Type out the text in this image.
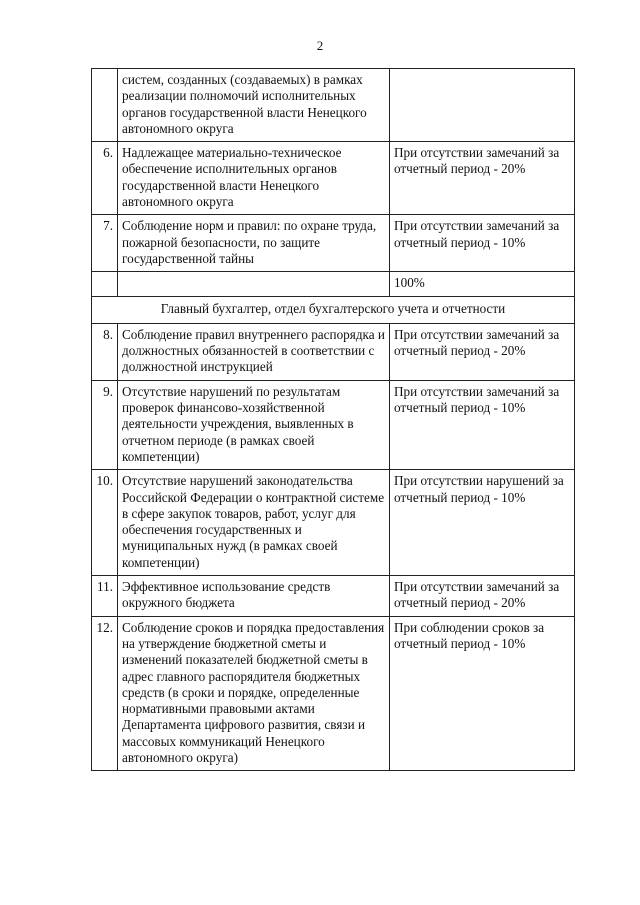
2
	систем, созданных (создаваемых) в рамках реализации полномочий исполнительных органов государственной власти Ненецкого автономного округа	
6.	Надлежащее материально-техническое обеспечение исполнительных органов государственной власти Ненецкого автономного округа	При отсутствии замечаний за отчетный период - 20%
7.	Соблюдение норм и правил: по охране труда, пожарной безопасности, по защите государственной тайны	При отсутствии замечаний за отчетный период - 10%
		100%
Главный бухгалтер, отдел бухгалтерского учета и отчетности		
8.	Соблюдение правил внутреннего распорядка и должностных обязанностей в соответствии с должностной инструкцией	При отсутствии замечаний за отчетный период - 20%
9.	Отсутствие нарушений по результатам проверок финансово-хозяйственной деятельности учреждения, выявленных в отчетном периоде (в рамках своей компетенции)	При отсутствии замечаний за отчетный период - 10%
10.	Отсутствие нарушений законодательства Российской Федерации о контрактной системе в сфере закупок товаров, работ, услуг для обеспечения государственных и муниципальных нужд (в рамках своей компетенции)	При отсутствии нарушений за отчетный период - 10%
11.	Эффективное использование средств окружного бюджета	При отсутствии замечаний за отчетный период - 20%
12.	Соблюдение сроков и порядка предоставления на утверждение бюджетной сметы и изменений показателей бюджетной сметы в адрес главного распорядителя бюджетных средств (в сроки и порядке, определенные нормативными правовыми актами Департамента цифрового развития, связи и массовых коммуникаций Ненецкого автономного округа)	При соблюдении сроков за отчетный период - 10%
